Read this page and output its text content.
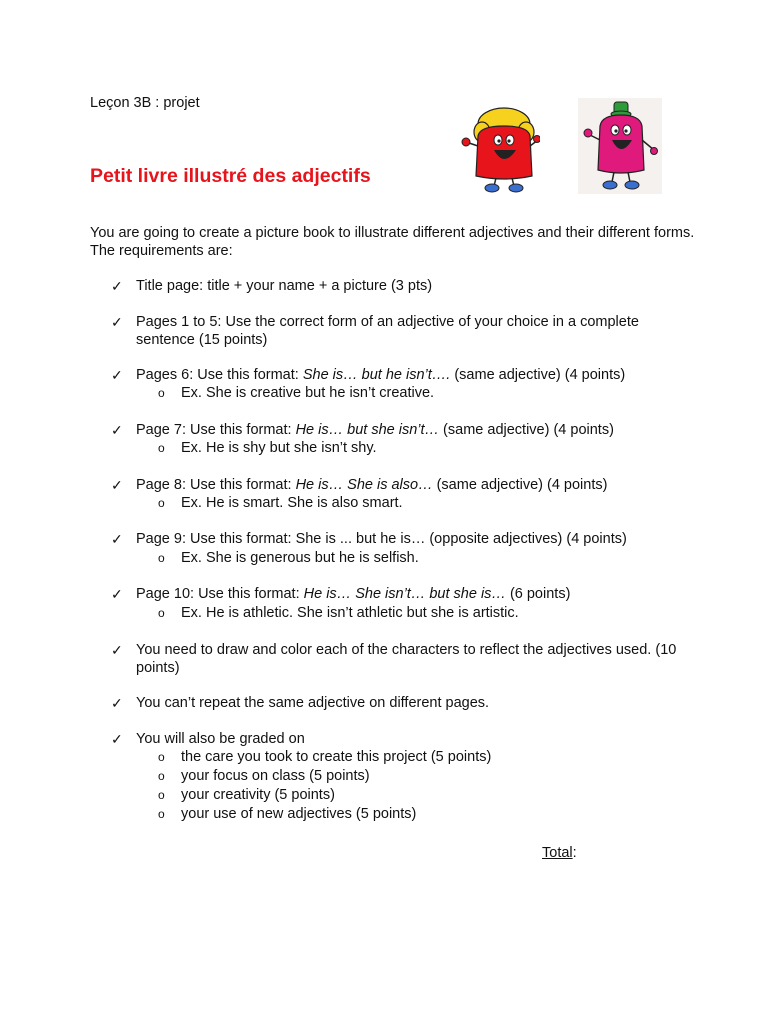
Leçon 3B : projet
Petit livre illustré des adjectifs
You are going to create a picture book to illustrate different adjectives and their different forms. The requirements are:
✓ Title page: title + your name + a picture (3 pts)
✓ Pages 1 to 5: Use the correct form of an adjective of your choice in a complete sentence (15 points)
✓ Pages 6: Use this format: She is… but he isn’t…. (same adjective) (4 points)
o Ex. She is creative but he isn’t creative.
✓ Page 7: Use this format: He is… but she isn’t… (same adjective) (4 points)
o Ex. He is shy but she isn’t shy.
✓ Page 8: Use this format: He is… She is also… (same adjective) (4 points)
o Ex. He is smart. She is also smart.
✓ Page 9: Use this format: She is ... but he is… (opposite adjectives) (4 points)
o Ex. She is generous but he is selfish.
✓ Page 10: Use this format: He is… She isn’t… but she is… (6 points)
o Ex. He is athletic. She isn’t athletic but she is artistic.
✓ You need to draw and color each of the characters to reflect the adjectives used. (10 points)
✓ You can’t repeat the same adjective on different pages.
✓ You will also be graded on
o the care you took to create this project (5 points)
o your focus on class (5 points)
o your creativity (5 points)
o your use of new adjectives (5 points)
Total:
